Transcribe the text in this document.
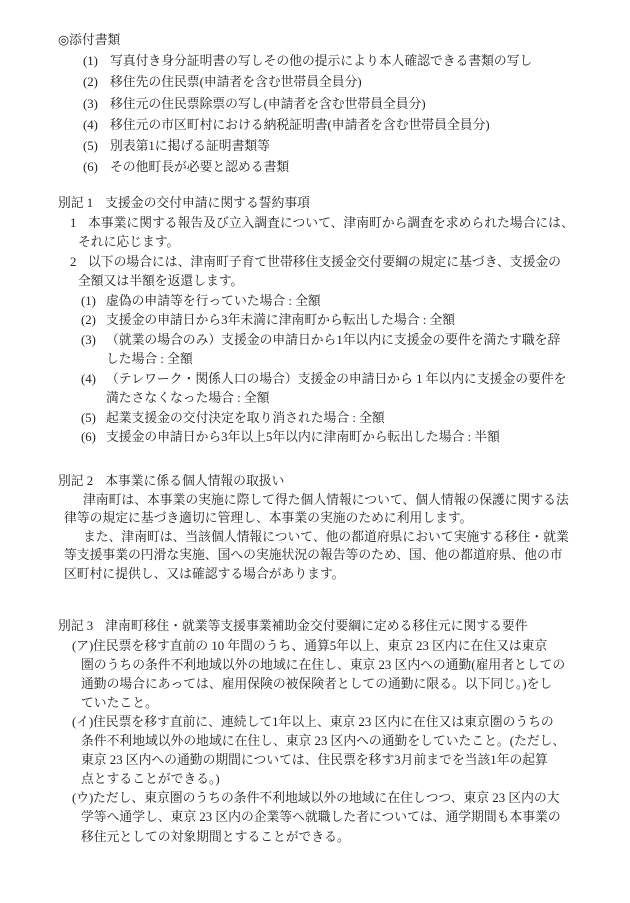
◎添付書類
(1) 写真付き身分証明書の写しその他の提示により本人確認できる書類の写し
(2) 移住先の住民票(申請者を含む世帯員全員分)
(3) 移住元の住民票除票の写し(申請者を含む世帯員全員分)
(4) 移住元の市区町村における納税証明書(申請者を含む世帯員全員分)
(5) 別表第1に掲げる証明書類等
(6) その他町長が必要と認める書類
別記 1 支援金の交付申請に関する誓約事項
1 本事業に関する報告及び立入調査について、津南町から調査を求められた場合には、
それに応じます。
2 以下の場合には、津南町子育て世帯移住支援金交付要綱の規定に基づき、支援金の
全額又は半額を返還します。
(1) 虚偽の申請等を行っていた場合 : 全額
(2) 支援金の申請日から3年未満に津南町から転出した場合 : 全額
(3) （就業の場合のみ）支援金の申請日から1年以内に支援金の要件を満たす職を辞
した場合 : 全額
(4) （テレワーク・関係人口の場合）支援金の申請日から 1 年以内に支援金の要件を
満たさなくなった場合 : 全額
(5) 起業支援金の交付決定を取り消された場合 : 全額
(6) 支援金の申請日から3年以上5年以内に津南町から転出した場合 : 半額
別記 2 本事業に係る個人情報の取扱い
津南町は、本事業の実施に際して得た個人情報について、個人情報の保護に関する法
律等の規定に基づき適切に管理し、本事業の実施のために利用します。
また、津南町は、当該個人情報について、他の都道府県において実施する移住・就業
等支援事業の円滑な実施、国への実施状況の報告等のため、国、他の都道府県、他の市
区町村に提供し、又は確認する場合があります。
別記 3 津南町移住・就業等支援事業補助金交付要綱に定める移住元に関する要件
(ア)住民票を移す直前の 10 年間のうち、通算5年以上、東京 23 区内に在住又は東京
圏のうちの条件不利地域以外の地域に在住し、東京 23 区内への通勤(雇用者としての
通勤の場合にあっては、雇用保険の被保険者としての通勤に限る。以下同じ。)をし
ていたこと。
(イ)住民票を移す直前に、連続して1年以上、東京 23 区内に在住又は東京圏のうちの
条件不利地域以外の地域に在住し、東京 23 区内への通勤をしていたこと。(ただし、
東京 23 区内への通勤の期間については、住民票を移す3月前までを当該1年の起算
点とすることができる。)
(ウ)ただし、東京圏のうちの条件不利地域以外の地域に在住しつつ、東京 23 区内の大
学等へ通学し、東京 23 区内の企業等へ就職した者については、通学期間も本事業の
移住元としての対象期間とすることができる。
